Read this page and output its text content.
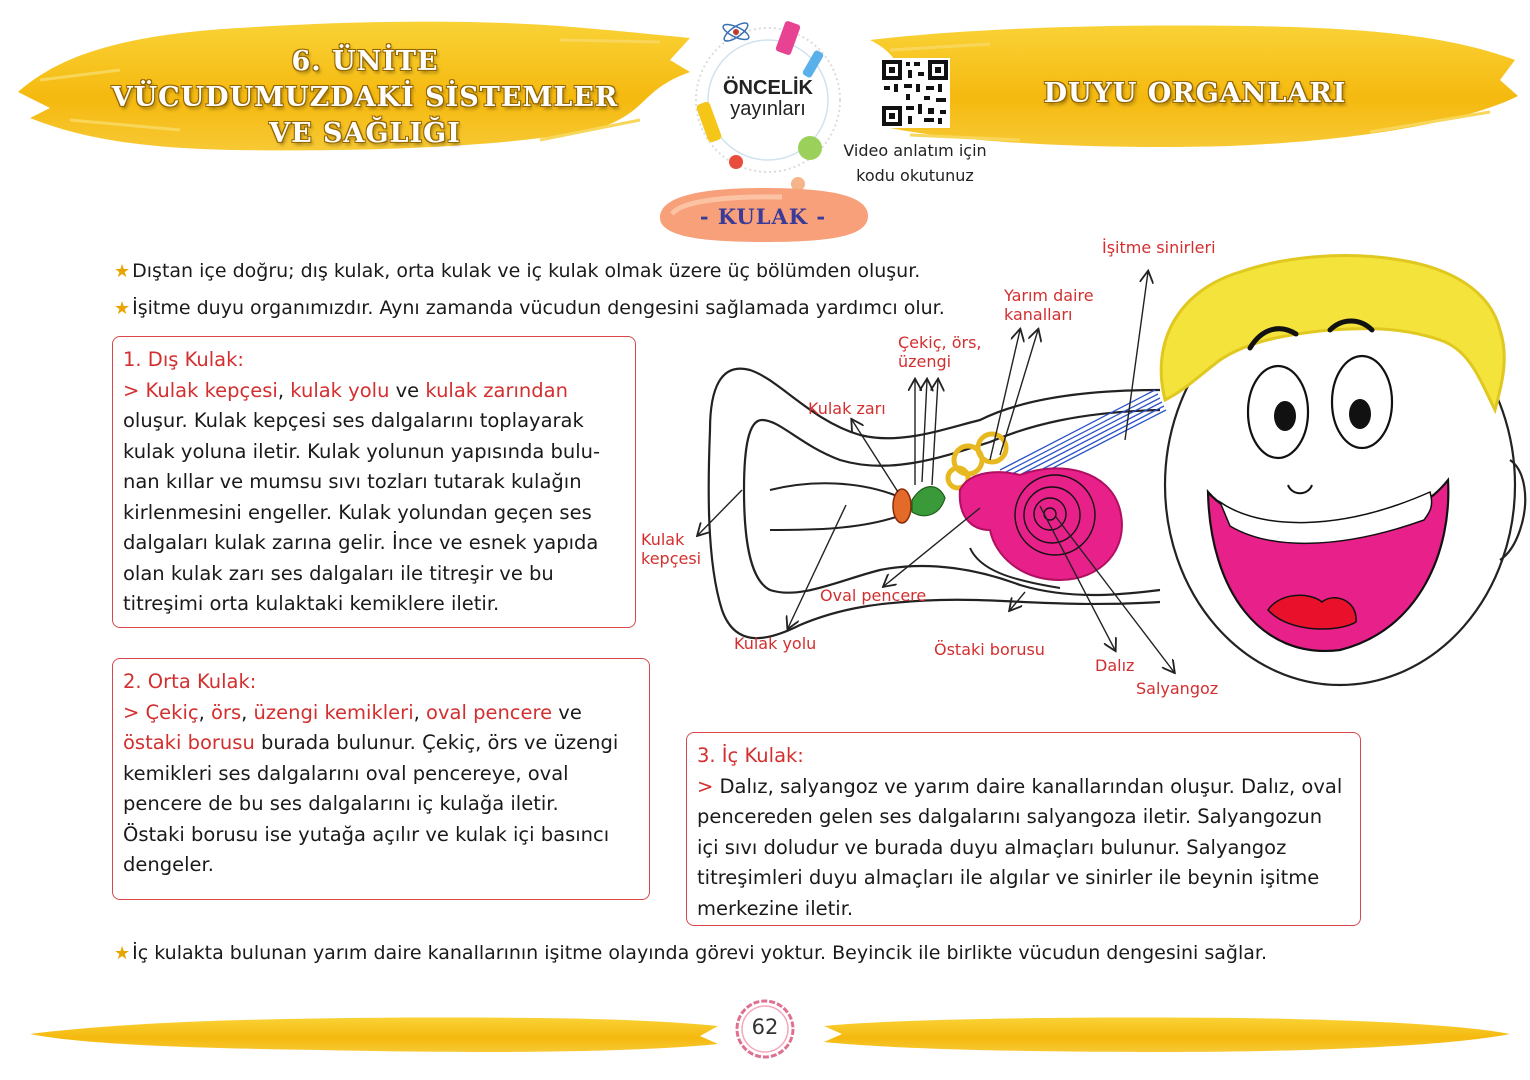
6. ÜNİTE
VÜCUDUMUZDAKİ SİSTEMLER
VE SAĞLIĞI
DUYU ORGANLARI
ÖNCELİK
yayınları
Video anlatım için
kodu okutunuz
- KULAK -
★ Dıştan içe doğru; dış kulak, orta kulak ve iç kulak olmak üzere üç bölümden oluşur.
★ İşitme duyu organımızdır. Aynı zamanda vücudun dengesini sağlamada yardımcı olur.
1. Dış Kulak:
> Kulak kepçesi, kulak yolu ve kulak zarından
oluşur. Kulak kepçesi ses dalgalarını toplayarak
kulak yoluna iletir. Kulak yolunun yapısında bulu-
nan kıllar ve mumsu sıvı tozları tutarak kulağın
kirlenmesini engeller. Kulak yolundan geçen ses
dalgaları kulak zarına gelir. İnce ve esnek yapıda
olan kulak zarı ses dalgaları ile titreşir ve bu
titreşimi orta kulaktaki kemiklere iletir.
2. Orta Kulak:
> Çekiç, örs, üzengi kemikleri, oval pencere ve
östaki borusu burada bulunur. Çekiç, örs ve üzengi
kemikleri ses dalgalarını oval pencereye, oval
pencere de bu ses dalgalarını iç kulağa iletir.
Östaki borusu ise yutağa açılır ve kulak içi basıncı
dengeler.
3. İç Kulak:
> Dalız, salyangoz ve yarım daire kanallarından oluşur. Dalız, oval
pencereden gelen ses dalgalarını salyangoza iletir. Salyangozun
içi sıvı doludur ve burada duyu almaçları bulunur. Salyangoz
titreşimleri duyu almaçları ile algılar ve sinirler ile beynin işitme
merkezine iletir.
İşitme sinirleri
Yarım daire
kanalları
Çekiç, örs,
üzengi
Kulak zarı
Kulak
kepçesi
Oval pencere
Kulak yolu	Östaki borusu
Dalız
Salyangoz
★ İç kulakta bulunan yarım daire kanallarının işitme olayında görevi yoktur. Beyincik ile birlikte vücudun dengesini sağlar.
62
